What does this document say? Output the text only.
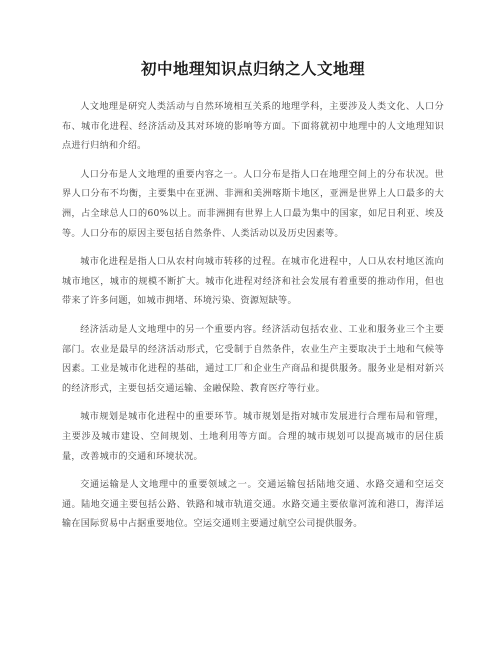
初中地理知识点归纳之人文地理

人文地理是研究人类活动与自然环境相互关系的地理学科，主要涉及人类文化、人口分布、城市化进程、经济活动及其对环境的影响等方面。下面将就初中地理中的人文地理知识点进行归纳和介绍。

人口分布是人文地理的重要内容之一。人口分布是指人口在地理空间上的分布状况。世界人口分布不均衡，主要集中在亚洲、非洲和美洲喀斯卡地区，亚洲是世界上人口最多的大洲，占全球总人口的60%以上。而非洲拥有世界上人口最为集中的国家，如尼日利亚、埃及等。人口分布的原因主要包括自然条件、人类活动以及历史因素等。

城市化进程是指人口从农村向城市转移的过程。在城市化进程中，人口从农村地区流向城市地区，城市的规模不断扩大。城市化进程对经济和社会发展有着重要的推动作用，但也带来了许多问题，如城市拥堵、环境污染、资源短缺等。

经济活动是人文地理中的另一个重要内容。经济活动包括农业、工业和服务业三个主要部门。农业是最早的经济活动形式，它受制于自然条件，农业生产主要取决于土地和气候等因素。工业是城市化进程的基础，通过工厂和企业生产商品和提供服务。服务业是相对新兴的经济形式，主要包括交通运输、金融保险、教育医疗等行业。

城市规划是城市化进程中的重要环节。城市规划是指对城市发展进行合理布局和管理，主要涉及城市建设、空间规划、土地利用等方面。合理的城市规划可以提高城市的居住质量，改善城市的交通和环境状况。

交通运输是人文地理中的重要领域之一。交通运输包括陆地交通、水路交通和空运交通。陆地交通主要包括公路、铁路和城市轨道交通。水路交通主要依靠河流和港口，海洋运输在国际贸易中占据重要地位。空运交通则主要通过航空公司提供服务。
